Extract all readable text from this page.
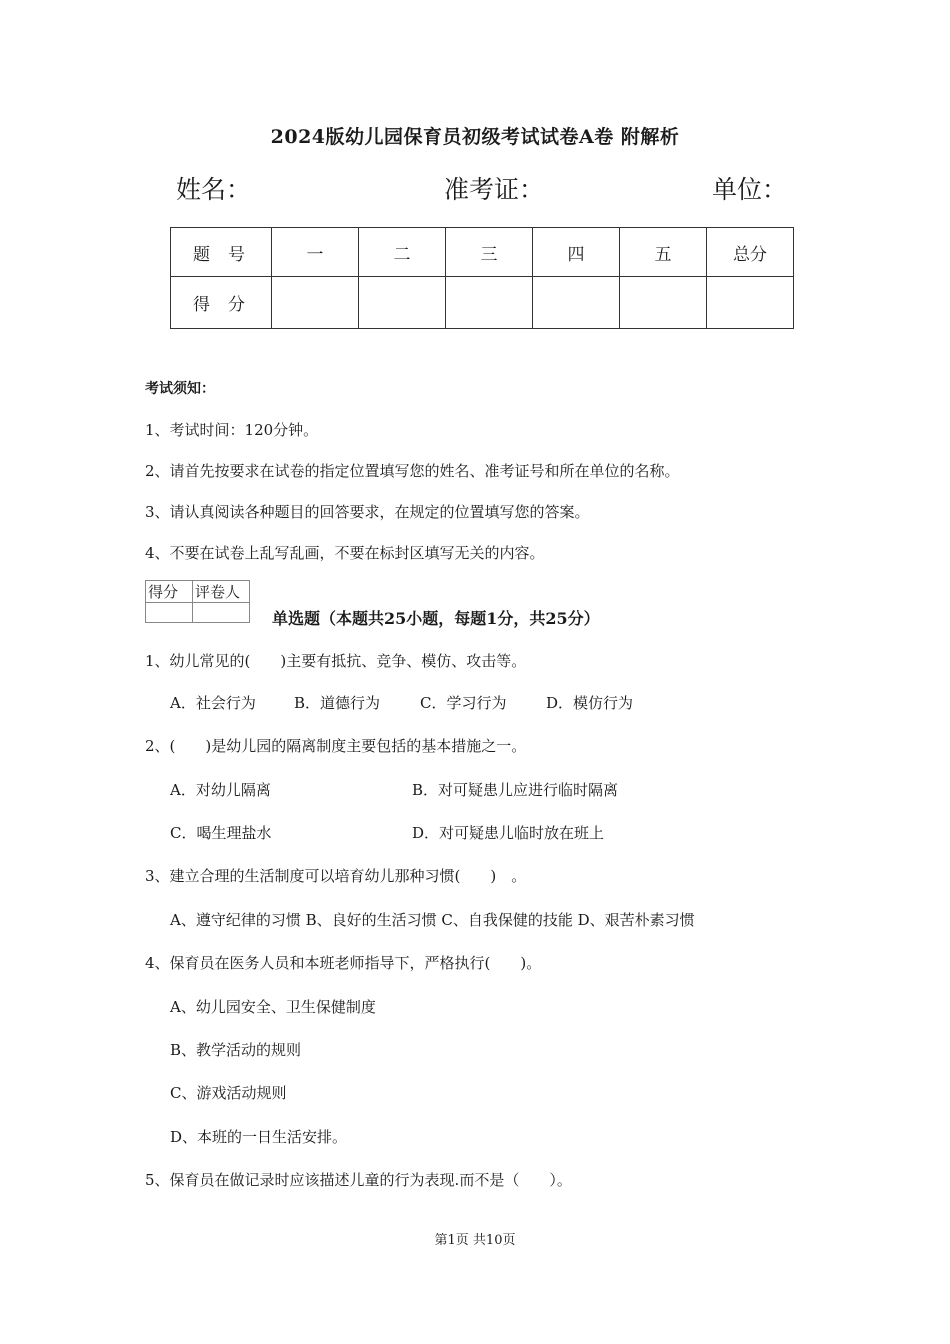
2024版幼儿园保育员初级考试试卷A卷 附解析
姓名：	准考证：	单位：
题号	一	二	三	四	五	总分
得分						
考试须知：
1、考试时间：120分钟。
2、请首先按要求在试卷的指定位置填写您的姓名、准考证号和所在单位的名称。
3、请认真阅读各种题目的回答要求，在规定的位置填写您的答案。
4、不要在试卷上乱写乱画，不要在标封区填写无关的内容。
得分	评卷人

单选题（本题共25小题，每题1分，共25分）
1、幼儿常见的(　　)主要有抵抗、竞争、模仿、攻击等。
A．社会行为	B．道德行为	C．学习行为	D．模仿行为
2、(　　)是幼儿园的隔离制度主要包括的基本措施之一。
A．对幼儿隔离	B．对可疑患儿应进行临时隔离
C．喝生理盐水	D．对可疑患儿临时放在班上
3、建立合理的生活制度可以培育幼儿那种习惯(　　)　。
A、遵守纪律的习惯 B、良好的生活习惯 C、自我保健的技能 D、艰苦朴素习惯
4、保育员在医务人员和本班老师指导下，严格执行(　　)。
A、幼儿园安全、卫生保健制度
B、教学活动的规则
C、游戏活动规则
D、本班的一日生活安排。
5、保育员在做记录时应该描述儿童的行为表现.而不是（　　）。
第1页 共10页
